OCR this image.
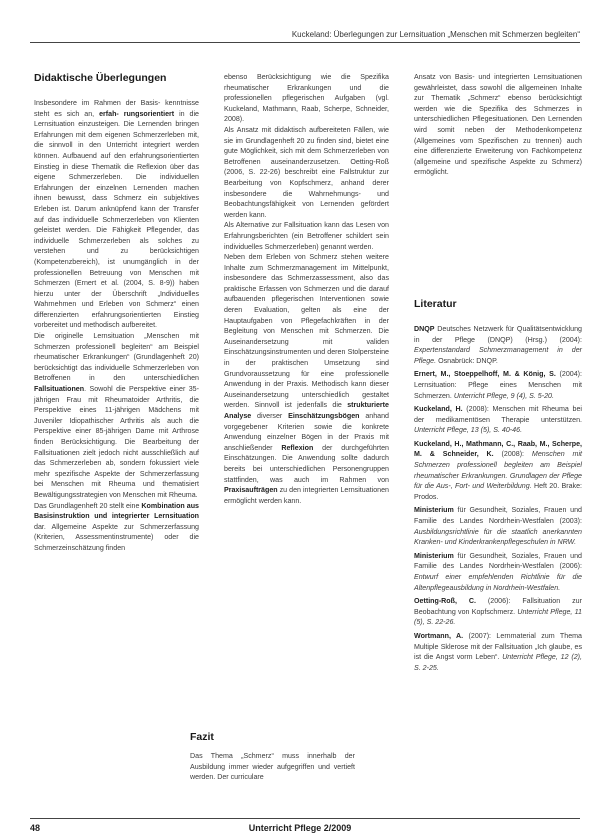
Kuckeland: Überlegungen zur Lernsituation „Menschen mit Schmerzen begleiten“
Didaktische Überlegungen

Insbesondere im Rahmen der Basis- kenntnisse steht es sich an, erfah- rungsorientiert in die Lernsituation einzusteigen. Die Lernenden bringen Erfahrungen mit dem eigenen Schmerzerleben mit, die sinnvoll in den Unterricht integriert werden können. Aufbauend auf den erfahrungsorientierten Einstieg in diese Thematik die Reflexion über das eigene Schmerzerleben. Die individuellen Erfahrungen der einzelnen Lernenden machen ihnen bewusst, dass Schmerz ein subjektives Erleben ist. Darum anknüpfend kann der Transfer auf das individuelle Schmerzerleben von Klienten geleistet werden. Die Fähigkeit Pflegender, das individuelle Schmerzerleben als solches zu verstehen und zu berücksichtigen (Kompetenzbereich), ist unumgänglich in der professionellen Betreuung von Menschen mit Schmerzen (Ernert et al. (2004, S. 8-9)) haben hierzu unter der Überschrift „Individuelles Wahrnehmen und Erleben von Schmerz“ einen differenzierten erfahrungsorientierten Einstieg vorbereitet und methodisch aufbereitet.

Die originelle Lernsituation „Menschen mit Schmerzen professionell begleiten“ am Beispiel rheumatischer Erkrankungen“ (Grundlagenheft 20) berücksichtigt das individuelle Schmerzerleben von Betroffenen in den unterschiedlichen Fallsituationen. Sowohl die Perspektive einer 35-jährigen Frau mit Rheumatoider Arthritis, die Perspektive eines 11-jährigen Mädchens mit Juveniler Idiopathischer Arthritis als auch die Perspektive einer 85-jährigen Dame mit Arthrose finden Berücksichtigung. Die Bearbeitung der Fallsituationen zielt jedoch nicht ausschließlich auf das Schmerzerleben ab, sondern fokussiert viele mehr spezifische Aspekte der Schmerzerfassung bei Menschen mit Rheuma und thematisiert Bewältigungsstrategien von Menschen mit Rheuma.

Das Grundlagenheft 20 stellt eine Kombination aus Basisinstruktion und integrierter Lernsituation dar. Allgemeine Aspekte zur Schmerzerfassung (Kriterien, Assessmentinstrumente) oder die Schmerzeinschätzung finden

ebenso Berücksichtigung wie die Spezifika rheumatischer Erkrankungen und die professionellen pflegerischen Aufgaben (vgl. Kuckeland, Mathmann, Raab, Scherpe, Schneider, 2008).

Als Ansatz mit didaktisch aufbereiteten Fällen, wie sie im Grundlagenheft 20 zu finden sind, bietet eine gute Möglichkeit, sich mit dem Schmerzerleben von Betroffenen auseinanderzusetzen. Oetting-Roß (2006, S. 22-26) beschreibt eine Fallstruktur zur Bearbeitung von Kopfschmerz, anhand derer insbesondere die Wahrnehmungs- und Beobachtungsfähigkeit von Lernenden gefördert werden kann.

Als Alternative zur Fallsituation kann das Lesen von Erfahrungsberichten (ein Betroffener schildert sein individuelles Schmerzerleben) genannt werden.

Neben dem Erleben von Schmerz stehen weitere Inhalte zum Schmerzmanagement im Mittelpunkt, insbesondere das Schmerzassessment, also das praktische Erfassen von Schmerzen und die darauf aufbauenden pflegerischen Interventionen sowie deren Evaluation, gelten als eine der Hauptaufgaben von Pflegefachkräften in der Begleitung von Menschen mit Schmerzen. Die Auseinandersetzung mit validen Einschätzungsinstrumenten und deren Stolpersteine in der praktischen Umsetzung sind Grundvoraussetzung für eine professionelle Anwendung in der Praxis. Methodisch kann dieser Auseinandersetzung unterschiedlich gestaltet werden. Sinnvoll ist jedenfalls die strukturierte Analyse diverser Einschätzungsbögen anhand vorgegebener Kriterien sowie die konkrete Anwendung einzelner Bögen in der Praxis mit anschließender Reflexion der durchgeführten Einschätzungen. Die Anwendung sollte dadurch bereits bei unterschiedlichen Personengruppen stattfinden, was auch im Rahmen von Praxisaufträgen zu den integrierten Lernsituationen ermöglicht werden kann.

Ansatz von Basis- und integrierten Lernsituationen gewährleistet, dass sowohl die allgemeinen Inhalte zur Thematik „Schmerz“ ebenso berücksichtigt werden wie die Spezifika des Schmerzes in unterschiedlichen Pflegesituationen. Den Lernenden wird somit neben der Methodenkompetenz (Allgemeines vom Spezifischen zu trennen) auch eine differenzierte Erweiterung von Fachkompetenz (allgemeine und spezifische Aspekte zu Schmerz) ermöglicht.

Literatur

DNQP Deutsches Netzwerk für Qualitätsentwicklung in der Pflege (DNQP) (Hrsg.) (2004): Expertenstandard Schmerzmanagement in der Pflege. Osnabrück: DNQP.

Ernert, M., Stoeppelhoff, M. & König, S. (2004): Lernsituation: Pflege eines Menschen mit Schmerzen. Unterricht Pflege, 9 (4), S. 5-20.

Kuckeland, H. (2008): Menschen mit Rheuma bei der medikamentösen Therapie unterstützen. Unterricht Pflege, 13 (5), S. 40-46.

Kuckeland, H., Mathmann, C., Raab, M., Scherpe, M. & Schneider, K. (2008): Menschen mit Schmerzen professionell begleiten am Beispiel rheumatischer Erkrankungen. Grundlagen der Pflege für die Aus-, Fort- und Weiterbildung. Heft 20. Brake: Prodos.

Ministerium für Gesundheit, Soziales, Frauen und Familie des Landes Nordrhein-Westfalen (2003): Ausbildungsrichtlinie für die staatlich anerkannten Kranken- und Kinderkrankenpflegeschulen in NRW.

Ministerium für Gesundheit, Soziales, Frauen und Familie des Landes Nordrhein-Westfalen (2006): Entwurf einer empfehlenden Richtlinie für die Altenpflegeausbildung in Nordrhein-Westfalen.

Oetting-Roß, C. (2006): Fallsituation zur Beobachtung von Kopfschmerz. Unterricht Pflege, 11 (5), S. 22-26.

Wortmann, A. (2007): Lernmaterial zum Thema Multiple Sklerose mit der Fallsituation „Ich glaube, es ist die Angst vorm Leben“. Unterricht Pflege, 12 (2), S. 2-25.

Fazit

Das Thema „Schmerz“ muss innerhalb der Ausbildung immer wieder aufgegriffen und vertieft werden. Der curriculare

48	Unterricht Pflege 2/2009
